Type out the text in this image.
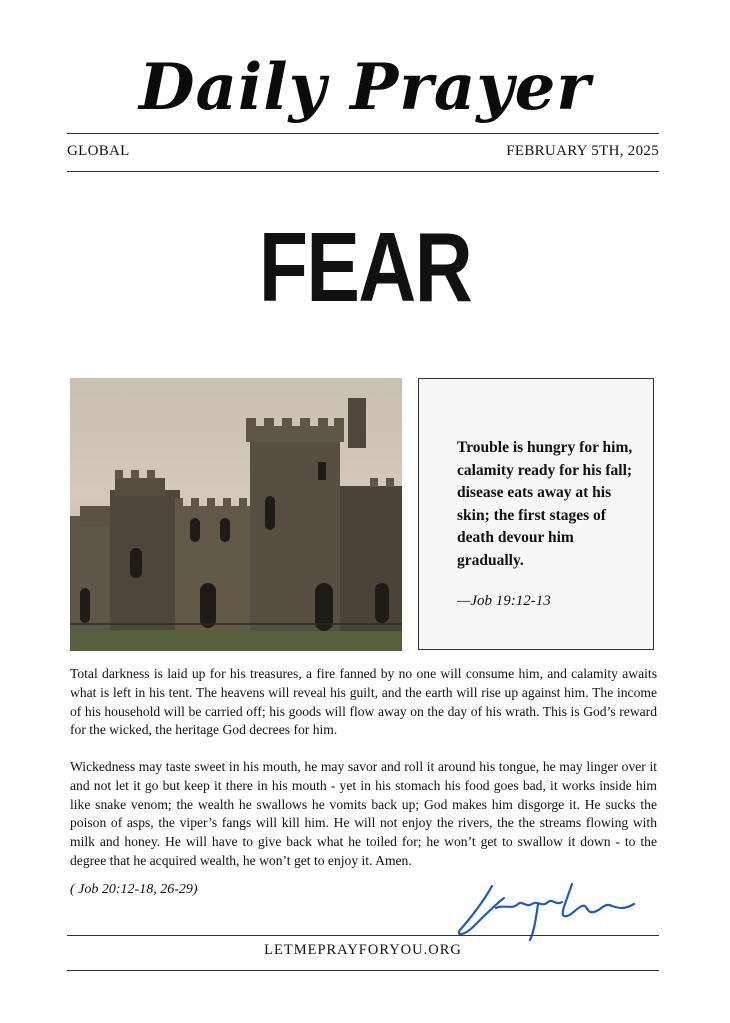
Daily Prayer
GLOBAL	FEBRUARY 5TH, 2025
FEAR
Trouble is hungry for him, calamity ready for his fall; disease eats away at his skin; the first stages of death devour him gradually.
—Job 19:12-13

Total darkness is laid up for his treasures, a fire fanned by no one will consume him, and calamity awaits what is left in his tent. The heavens will reveal his guilt, and the earth will rise up against him. The income of his household will be carried off; his goods will flow away on the day of his wrath. This is God’s reward for the wicked, the heritage God decrees for him.

Wickedness may taste sweet in his mouth, he may savor and roll it around his tongue, he may linger over it and not let it go but keep it there in his mouth - yet in his stomach his food goes bad, it works inside him like snake venom; the wealth he swallows he vomits back up; God makes him disgorge it. He sucks the poison of asps, the viper’s fangs will kill him. He will not enjoy the rivers, the the streams flowing with milk and honey. He will have to give back what he toiled for; he won’t get to swallow it down - to the degree that he acquired wealth, he won’t get to enjoy it. Amen.

( Job 20:12-18, 26-29)
LETMEPRAYFORYOU.ORG
